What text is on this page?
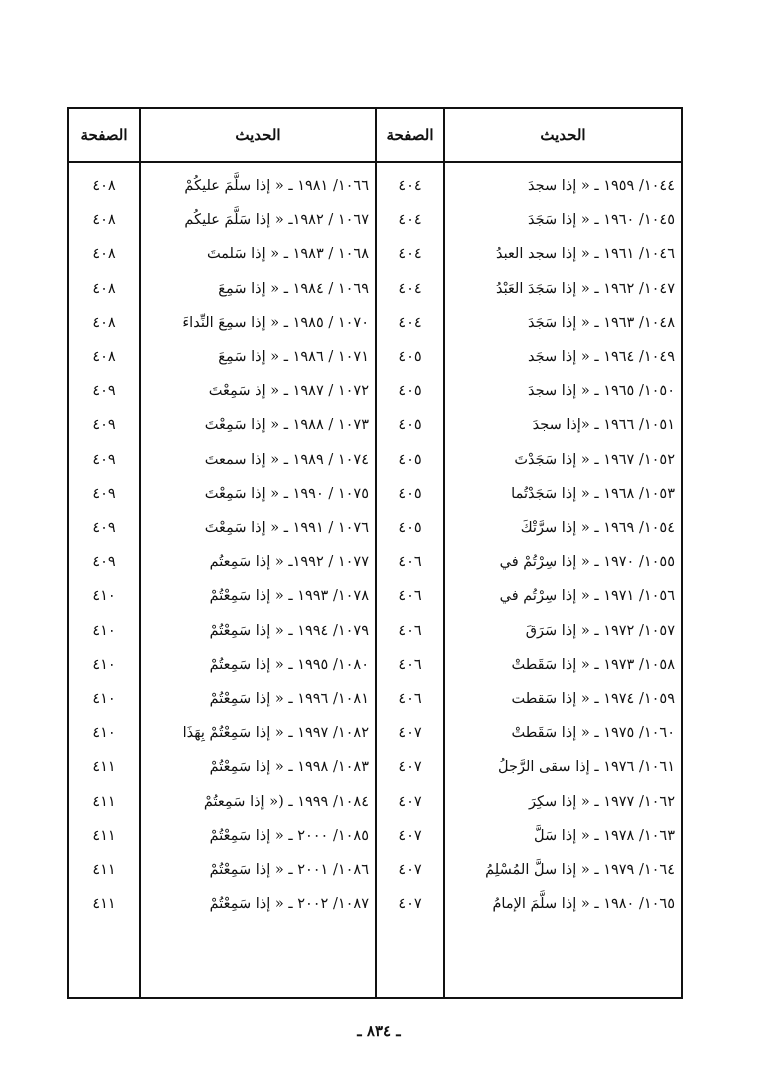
الحديث
الصفحة
الحديث
الصفحة
١٠٤٤/ ١٩٥٩ ـ « إذا سجدَ
٤٠٤
١٠٦٦/ ١٩٨١ ـ « إذا سلَّمَ عليكُمْ
٤٠٨
١٠٤٥/ ١٩٦٠ ـ « إذا سَجَدَ
٤٠٤
١٠٦٧ / ١٩٨٢ـ « إذا سَلَّمَ عليكُم
٤٠٨
١٠٤٦/ ١٩٦١ ـ « إذا سجد العبدُ
٤٠٤
١٠٦٨ / ١٩٨٣ ـ « إذا سَلمتَ
٤٠٨
١٠٤٧/ ١٩٦٢ ـ « إذا سَجَدَ العَبْدُ
٤٠٤
١٠٦٩ / ١٩٨٤ ـ « إذا سَمِعَ
٤٠٨
١٠٤٨/ ١٩٦٣ ـ « إذا سَجَدَ
٤٠٤
١٠٧٠ / ١٩٨٥ ـ « إذا سمِعَ النِّداءَ
٤٠٨
١٠٤٩/ ١٩٦٤ ـ « إذا سجَد
٤٠٥
١٠٧١ / ١٩٨٦ ـ « إذا سَمِعَ
٤٠٨
١٠٥٠/ ١٩٦٥ ـ « إذا سجدَ
٤٠٥
١٠٧٢ / ١٩٨٧ ـ « إذ سَمِعْتَ
٤٠٩
١٠٥١/ ١٩٦٦ ـ «إذا سجدَ
٤٠٥
١٠٧٣ / ١٩٨٨ ـ « إذا سَمِعْتَ
٤٠٩
١٠٥٢/ ١٩٦٧ ـ « إذا سَجَدْتَ
٤٠٥
١٠٧٤ / ١٩٨٩ ـ « إذا سمعتَ
٤٠٩
١٠٥٣/ ١٩٦٨ ـ « إذا سَجَدْتُما
٤٠٥
١٠٧٥ / ١٩٩٠ ـ « إذا سَمِعْتَ
٤٠٩
١٠٥٤/ ١٩٦٩ ـ « إذا سرَّتْكَ
٤٠٥
١٠٧٦ / ١٩٩١ ـ « إذا سَمِعْتَ
٤٠٩
١٠٥٥/ ١٩٧٠ ـ « إذا سِرْتُمْ في
٤٠٦
١٠٧٧ / ١٩٩٢ـ « إذا سَمِعتُم
٤٠٩
١٠٥٦/ ١٩٧١ ـ « إذا سِرْتُم في
٤٠٦
١٠٧٨/ ١٩٩٣ ـ « إذا سَمِعْتُمْ
٤١٠
١٠٥٧/ ١٩٧٢ ـ « إذا سَرَقَ
٤٠٦
١٠٧٩/ ١٩٩٤ ـ « إذا سَمِعْتُمْ
٤١٠
١٠٥٨/ ١٩٧٣ ـ « إذا سَقَطتْ
٤٠٦
١٠٨٠/ ١٩٩٥ ـ « إذا سَمِعتُمْ
٤١٠
١٠٥٩/ ١٩٧٤ ـ « إذا سَقطت
٤٠٦
١٠٨١/ ١٩٩٦ ـ « إذا سَمِعْتُمْ
٤١٠
١٠٦٠/ ١٩٧٥ ـ « إذا سَقَطتْ
٤٠٧
١٠٨٢/ ١٩٩٧ ـ « إذا سَمِعْتُمْ بِهَذَا
٤١٠
١٠٦١/ ١٩٧٦ ـ إذا سقى الرَّجلُ
٤٠٧
١٠٨٣/ ١٩٩٨ ـ « إذا سَمِعْتُمْ
٤١١
١٠٦٢/ ١٩٧٧ ـ « إذا سكِرَ
٤٠٧
١٠٨٤/ ١٩٩٩ ـ (« إذا سَمِعتُمْ
٤١١
١٠٦٣/ ١٩٧٨ ـ « إذا سَلَّ
٤٠٧
١٠٨٥/ ٢٠٠٠ ـ « إذا سَمِعْتُمْ
٤١١
١٠٦٤/ ١٩٧٩ ـ « إذا سلَّ المُسْلِمُ
٤٠٧
١٠٨٦/ ٢٠٠١ ـ « إذا سَمِعْتُمْ
٤١١
١٠٦٥/ ١٩٨٠ ـ « إذا سلَّمَ الإمامُ
٤٠٧
١٠٨٧/ ٢٠٠٢ ـ « إذا سَمِعْتُمْ
٤١١
ـ ٨٣٤ ـ
